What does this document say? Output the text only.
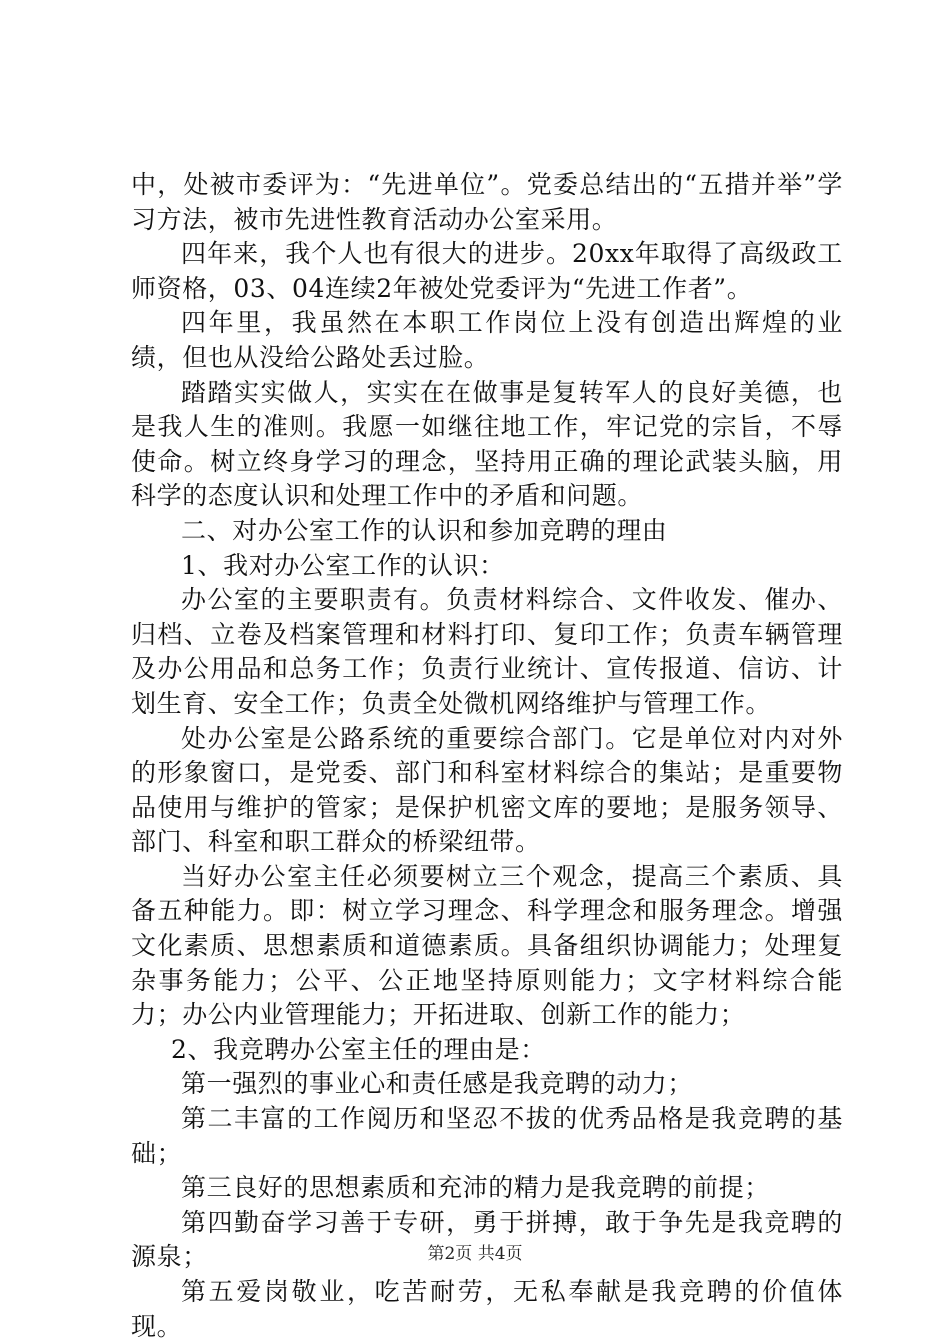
中，处被市委评为：“先进单位”。党委总结出的“五措并举”学习方法，被市先进性教育活动办公室采用。

四年来，我个人也有很大的进步。20xx年取得了高级政工师资格，03、04连续2年被处党委评为“先进工作者”。

四年里，我虽然在本职工作岗位上没有创造出辉煌的业绩，但也从没给公路处丢过脸。

踏踏实实做人，实实在在做事是复转军人的良好美德，也是我人生的准则。我愿一如继往地工作，牢记党的宗旨，不辱使命。树立终身学习的理念，坚持用正确的理论武装头脑，用科学的态度认识和处理工作中的矛盾和问题。

二、对办公室工作的认识和参加竞聘的理由

1、我对办公室工作的认识：

办公室的主要职责有。负责材料综合、文件收发、催办、归档、立卷及档案管理和材料打印、复印工作；负责车辆管理及办公用品和总务工作；负责行业统计、宣传报道、信访、计划生育、安全工作；负责全处微机网络维护与管理工作。

处办公室是公路系统的重要综合部门。它是单位对内对外的形象窗口，是党委、部门和科室材料综合的集站；是重要物品使用与维护的管家；是保护机密文库的要地；是服务领导、部门、科室和职工群众的桥梁纽带。

当好办公室主任必须要树立三个观念，提高三个素质、具备五种能力。即：树立学习理念、科学理念和服务理念。增强文化素质、思想素质和道德素质。具备组织协调能力；处理复杂事务能力；公平、公正地坚持原则能力；文字材料综合能力；办公内业管理能力；开拓进取、创新工作的能力；

2、我竞聘办公室主任的理由是：

第一强烈的事业心和责任感是我竞聘的动力；

第二丰富的工作阅历和坚忍不拔的优秀品格是我竞聘的基础；

第三良好的思想素质和充沛的精力是我竞聘的前提；

第四勤奋学习善于专研，勇于拼搏，敢于争先是我竞聘的源泉；

第五爱岗敬业，吃苦耐劳，无私奉献是我竞聘的价值体现。

第2页 共4页
